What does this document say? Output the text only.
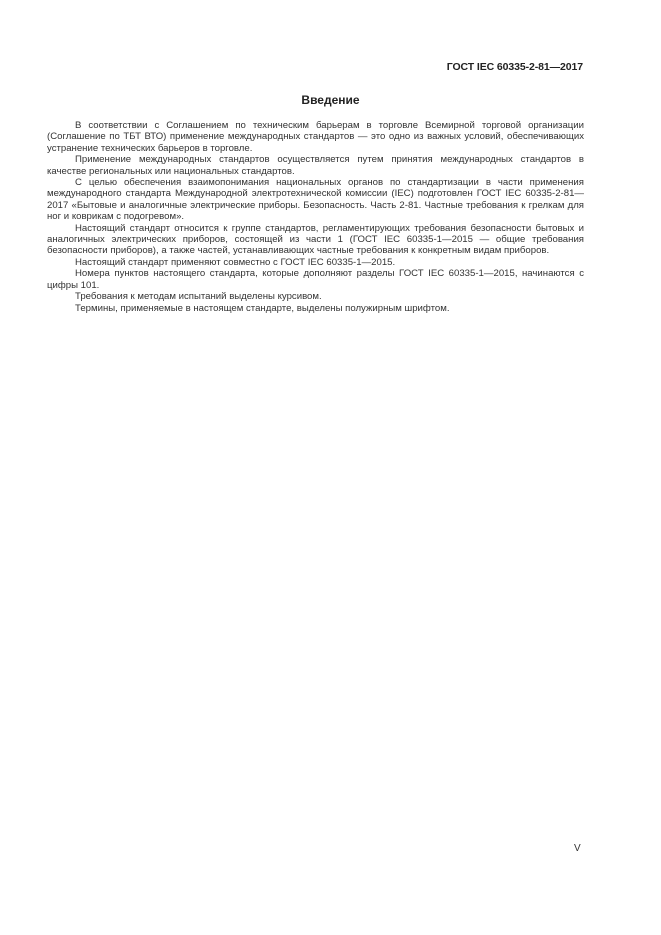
ГОСТ IEC 60335-2-81—2017
Введение

В соответствии с Соглашением по техническим барьерам в торговле Всемирной торговой организации (Соглашение по ТБТ ВТО) применение международных стандартов — это одно из важных условий, обеспечивающих устранение технических барьеров в торговле.

Применение международных стандартов осуществляется путем принятия международных стандартов в качестве региональных или национальных стандартов.

С целью обеспечения взаимопонимания национальных органов по стандартизации в части применения международного стандарта Международной электротехнической комиссии (IEC) подготовлен ГОСТ IEC 60335-2-81—2017 «Бытовые и аналогичные электрические приборы. Безопасность. Часть 2-81. Частные требования к грелкам для ног и коврикам с подогревом».

Настоящий стандарт относится к группе стандартов, регламентирующих требования безопасности бытовых и аналогичных электрических приборов, состоящей из части 1 (ГОСТ IEC 60335-1—2015 — общие требования безопасности приборов), а также частей, устанавливающих частные требования к конкретным видам приборов.

Настоящий стандарт применяют совместно с ГОСТ IEC 60335-1—2015.

Номера пунктов настоящего стандарта, которые дополняют разделы ГОСТ IEC 60335-1—2015, начинаются с цифры 101.

Требования к методам испытаний выделены курсивом.

Термины, применяемые в настоящем стандарте, выделены полужирным шрифтом.

V
